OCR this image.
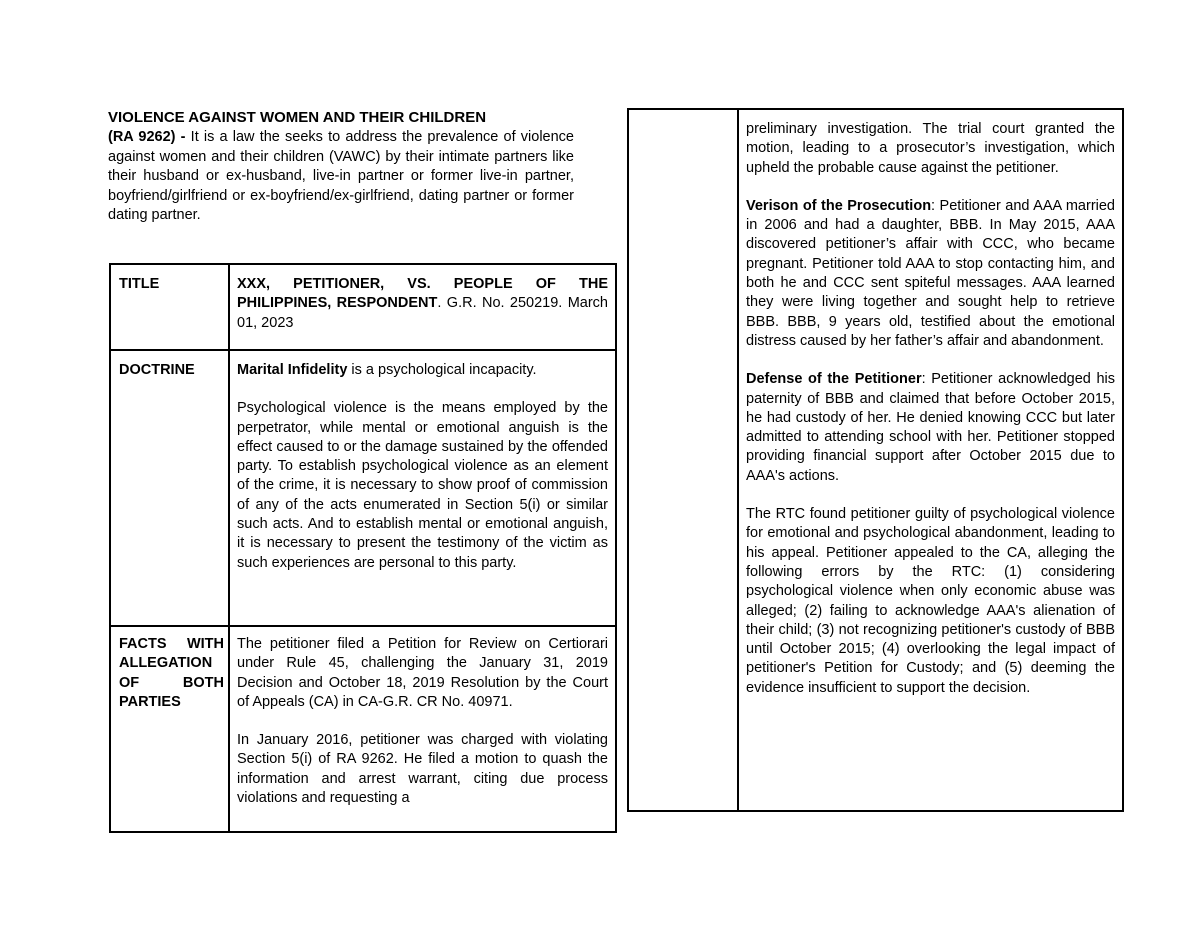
VIOLENCE AGAINST WOMEN AND THEIR CHILDREN
(RA 9262) - It is a law the seeks to address the prevalence of violence against women and their children (VAWC) by their intimate partners like their husband or ex-husband, live-in partner or former live-in partner, boyfriend/girlfriend or ex-boyfriend/ex-girlfriend, dating partner or former dating partner.
TITLE	XXX, PETITIONER, VS. PEOPLE OF THE PHILIPPINES, RESPONDENT. G.R. No. 250219. March 01, 2023
DOCTRINE	Marital Infidelity is a psychological incapacity.
Psychological violence is the means employed by the perpetrator, while mental or emotional anguish is the effect caused to or the damage sustained by the offended party. To establish psychological violence as an element of the crime, it is necessary to show proof of commission of any of the acts enumerated in Section 5(i) or similar such acts. And to establish mental or emotional anguish, it is necessary to present the testimony of the victim as such experiences are personal to this party.

FACTS WITH ALLEGATION OF BOTH PARTIES	The petitioner filed a Petition for Review on Certiorari under Rule 45, challenging the January 31, 2019 Decision and October 18, 2019 Resolution by the Court of Appeals (CA) in CA-G.R. CR No. 40971.
In January 2016, petitioner was charged with violating Section 5(i) of RA 9262. He filed a motion to quash the information and arrest warrant, citing due process violations and requesting a

preliminary investigation. The trial court granted the motion, leading to a prosecutor’s investigation, which upheld the probable cause against the petitioner.
Verison of the Prosecution: Petitioner and AAA married in 2006 and had a daughter, BBB. In May 2015, AAA discovered petitioner’s affair with CCC, who became pregnant. Petitioner told AAA to stop contacting him, and both he and CCC sent spiteful messages. AAA learned they were living together and sought help to retrieve BBB. BBB, 9 years old, testified about the emotional distress caused by her father’s affair and abandonment.
Defense of the Petitioner: Petitioner acknowledged his paternity of BBB and claimed that before October 2015, he had custody of her. He denied knowing CCC but later admitted to attending school with her. Petitioner stopped providing financial support after October 2015 due to AAA's actions.
The RTC found petitioner guilty of psychological violence for emotional and psychological abandonment, leading to his appeal. Petitioner appealed to the CA, alleging the following errors by the RTC: (1) considering psychological violence when only economic abuse was alleged; (2) failing to acknowledge AAA's alienation of their child; (3) not recognizing petitioner's custody of BBB until October 2015; (4) overlooking the legal impact of petitioner's Petition for Custody; and (5) deeming the evidence insufficient to support the decision.
